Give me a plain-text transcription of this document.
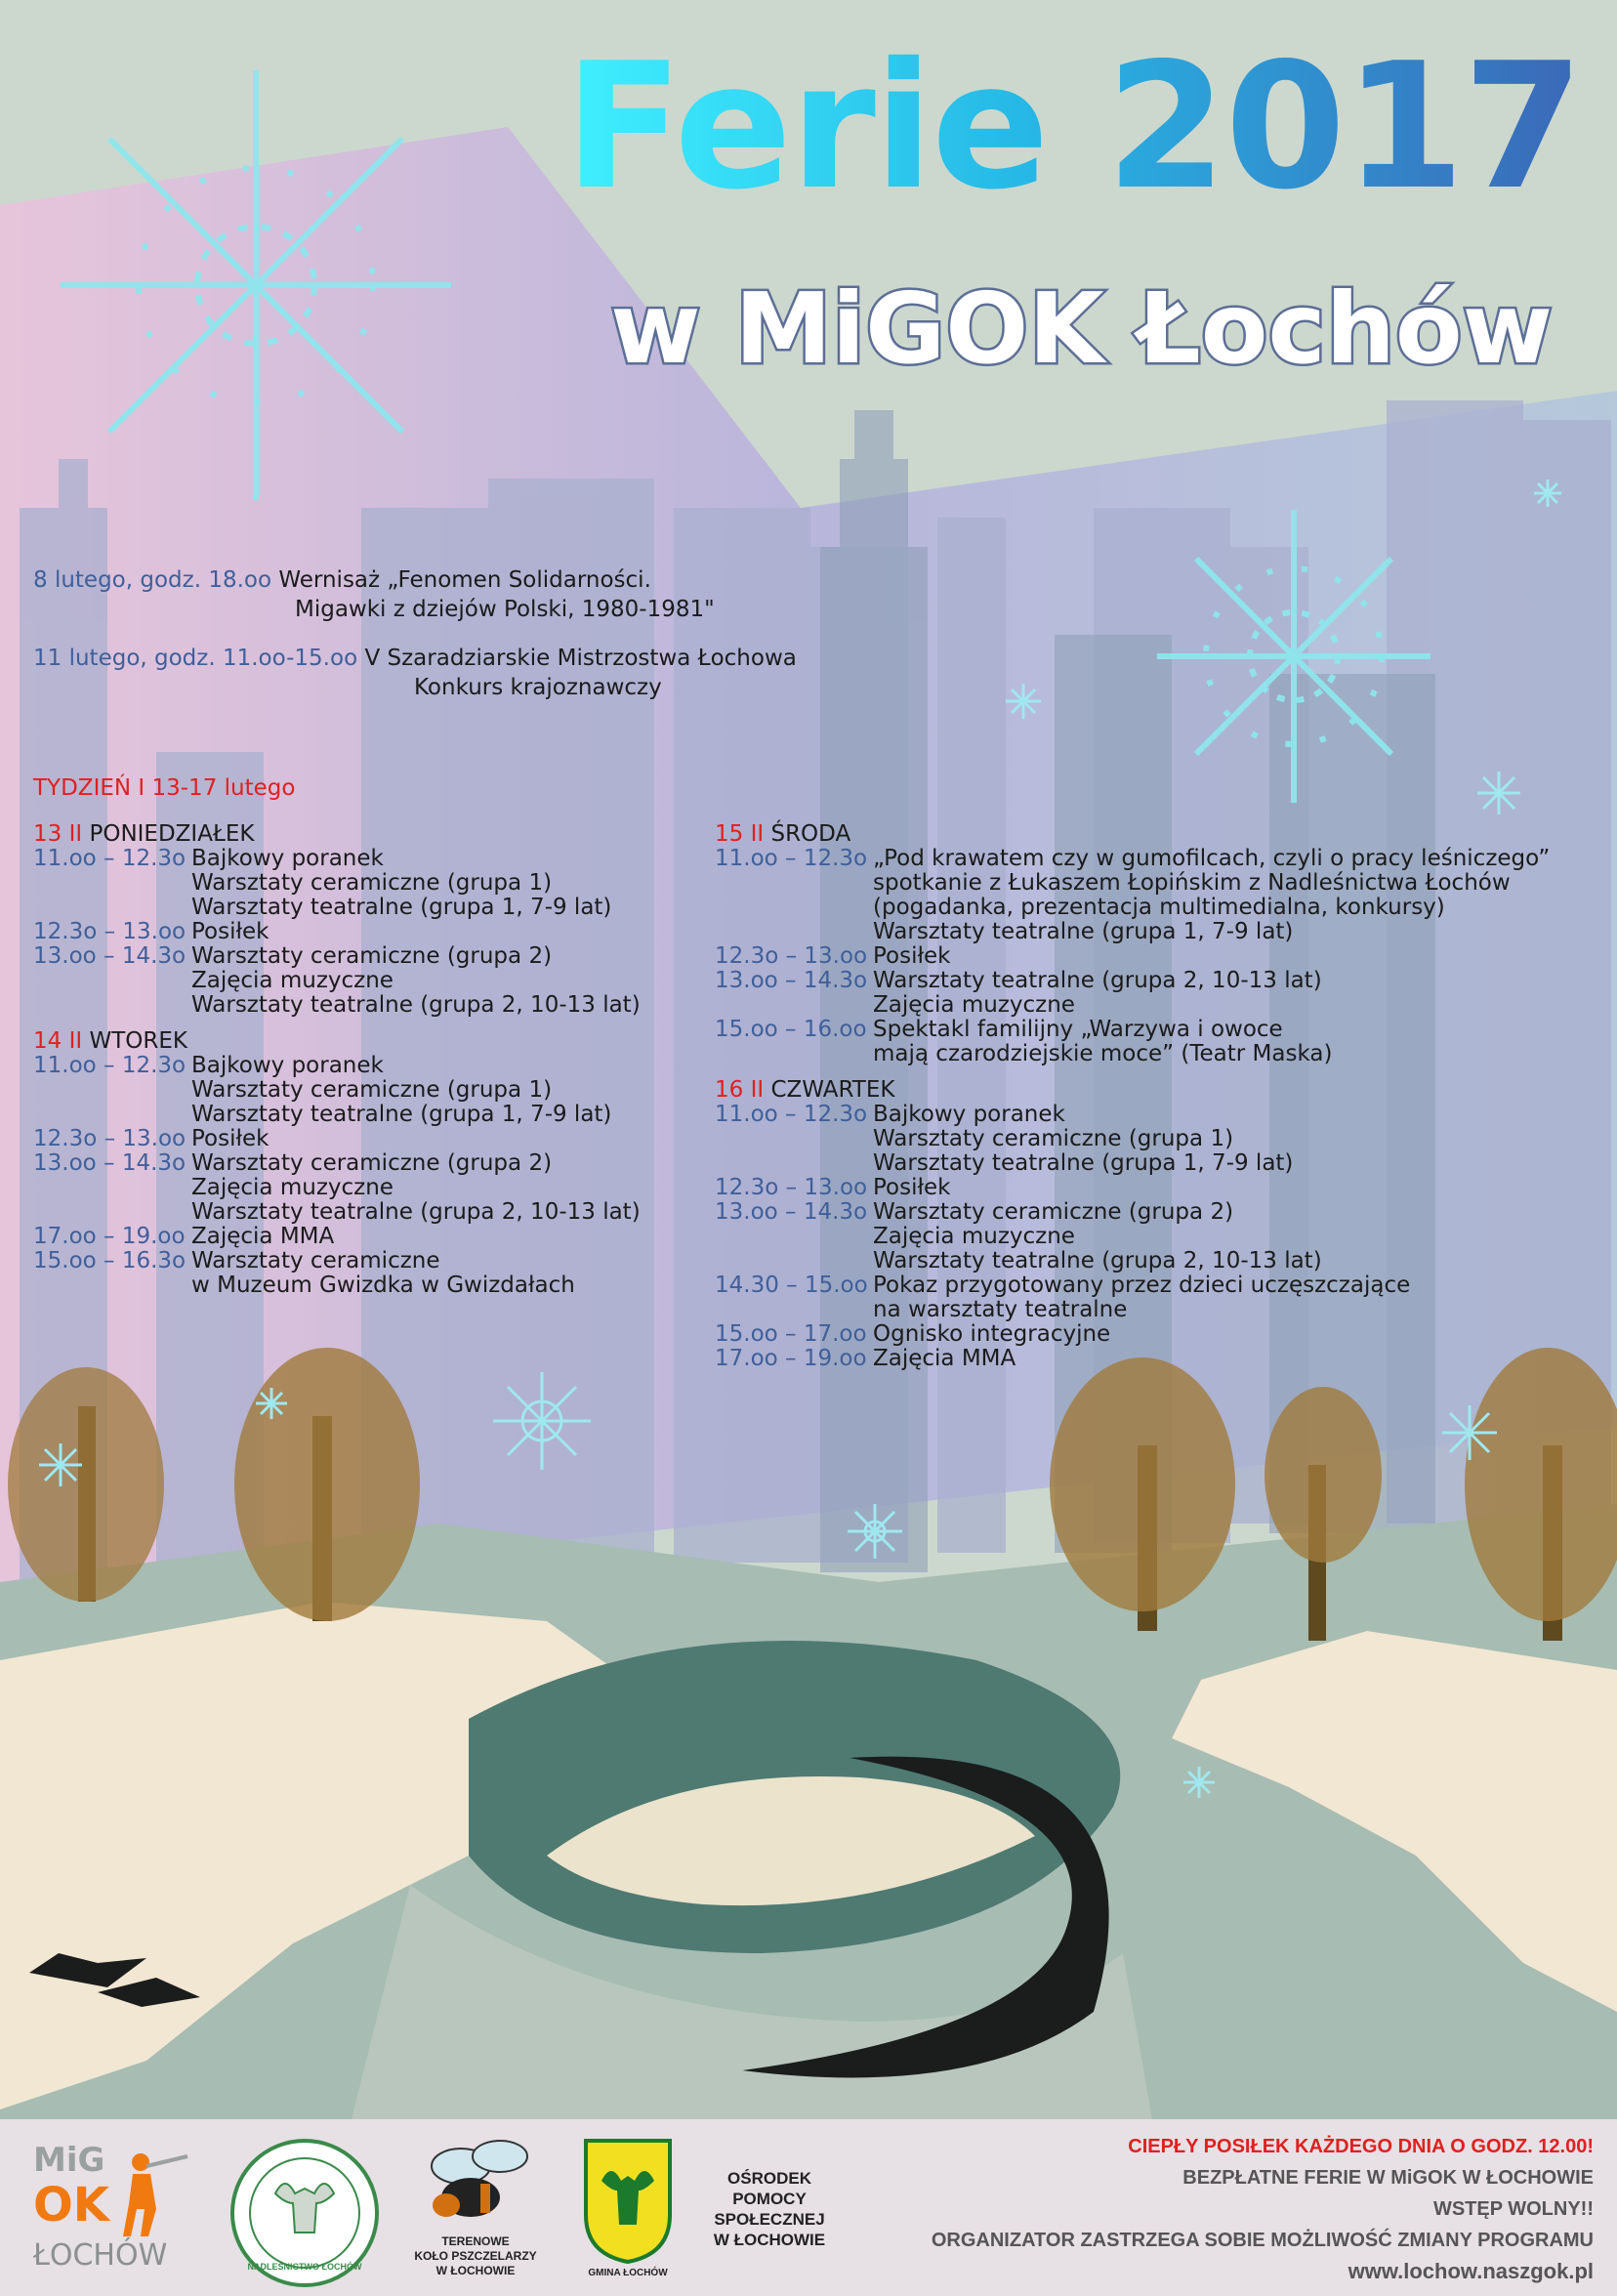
Ferie 2017
w MiGOK Łochów
8 lutego, godz. 18.oo Wernisaż „Fenomen Solidarności.
Migawki z dziejów Polski, 1980-1981"
11 lutego, godz. 11.oo-15.oo V Szaradziarskie Mistrzostwa Łochowa
Konkurs krajoznawczy
TYDZIEŃ I 13-17 lutego
13 II PONIEDZIAŁEK
11.oo – 12.3o Bajkowy poranek
Warsztaty ceramiczne (grupa 1)
Warsztaty teatralne (grupa 1, 7-9 lat)
12.3o – 13.oo Posiłek
13.oo – 14.3o Warsztaty ceramiczne (grupa 2)
Zajęcia muzyczne
Warsztaty teatralne (grupa 2, 10-13 lat)
14 II WTOREK
11.oo – 12.3o Bajkowy poranek
Warsztaty ceramiczne (grupa 1)
Warsztaty teatralne (grupa 1, 7-9 lat)
12.3o – 13.oo Posiłek
13.oo – 14.3o Warsztaty ceramiczne (grupa 2)
Zajęcia muzyczne
Warsztaty teatralne (grupa 2, 10-13 lat)
17.oo – 19.oo Zajęcia MMA
15.oo – 16.3o Warsztaty ceramiczne
w Muzeum Gwizdka w Gwizdałach
15 II ŚRODA
11.oo – 12.3o „Pod krawatem czy w gumofilcach, czyli o pracy leśniczego”
spotkanie z Łukaszem Łopińskim z Nadleśnictwa Łochów
(pogadanka, prezentacja multimedialna, konkursy)
Warsztaty teatralne (grupa 1, 7-9 lat)
12.3o – 13.oo Posiłek
13.oo – 14.3o Warsztaty teatralne (grupa 2, 10-13 lat)
Zajęcia muzyczne
15.oo – 16.oo Spektakl familijny „Warzywa i owoce
mają czarodziejskie moce” (Teatr Maska)
16 II CZWARTEK
11.oo – 12.3o Bajkowy poranek
Warsztaty ceramiczne (grupa 1)
Warsztaty teatralne (grupa 1, 7-9 lat)
12.3o – 13.oo Posiłek
13.oo – 14.3o Warsztaty ceramiczne (grupa 2)
Zajęcia muzyczne
Warsztaty teatralne (grupa 2, 10-13 lat)
14.30 – 15.oo Pokaz przygotowany przez dzieci uczęszczające
na warsztaty teatralne
15.oo – 17.oo Ognisko integracyjne
17.oo – 19.oo Zajęcia MMA
MiG
OK
ŁOCHÓW	NADLEŚNICTWO ŁOCHÓW
TERENOWE
KOŁO PSZCZELARZY
W ŁOCHOWIE	GMINA ŁOCHÓW
OŚRODEK
POMOCY
SPOŁECZNEJ
W ŁOCHOWIE
CIEPŁY POSIŁEK KAŻDEGO DNIA O GODZ. 12.00!
BEZPŁATNE FERIE W MiGOK W ŁOCHOWIE
WSTĘP WOLNY!!
ORGANIZATOR ZASTRZEGA SOBIE MOŻLIWOŚĆ ZMIANY PROGRAMU
www.lochow.naszgok.pl
